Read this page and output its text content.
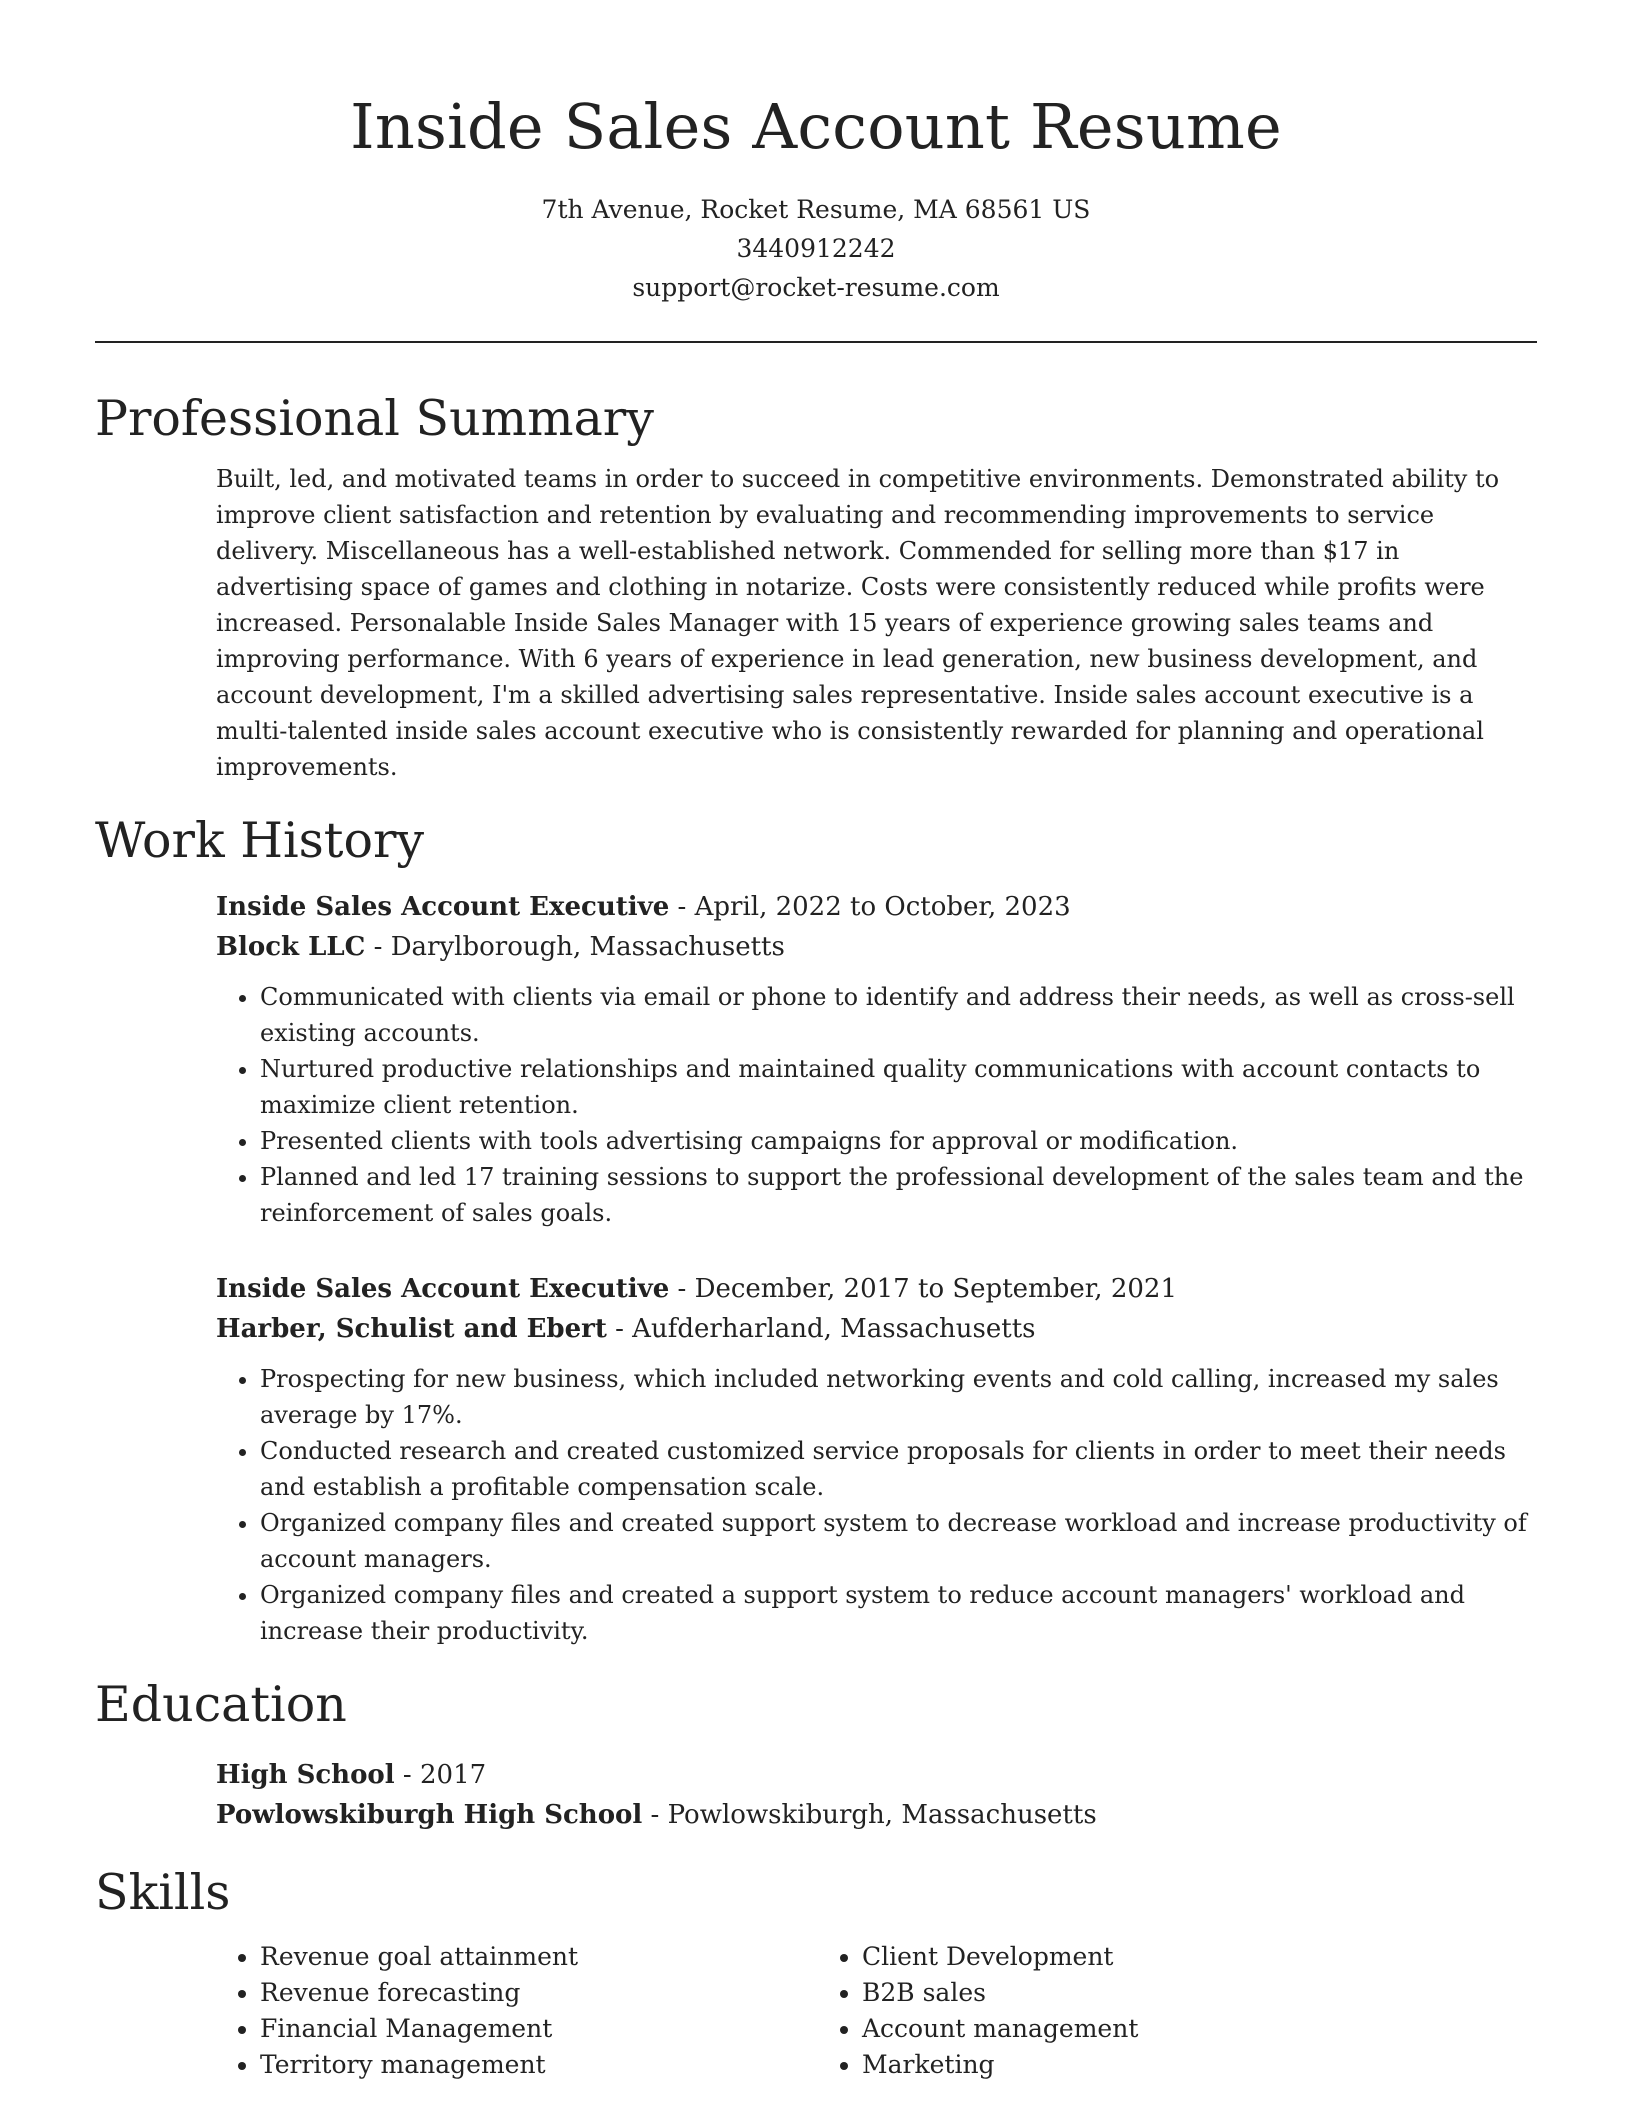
Inside Sales Account Resume
7th Avenue, Rocket Resume, MA 68561 US
3440912242
support@rocket-resume.com
Professional Summary

Built, led, and motivated teams in order to succeed in competitive environments. Demonstrated ability to improve client satisfaction and retention by evaluating and recommending improvements to service delivery. Miscellaneous has a well-established network. Commended for selling more than $17 in advertising space of games and clothing in notarize. Costs were consistently reduced while profits were increased. Personalable Inside Sales Manager with 15 years of experience growing sales teams and improving performance. With 6 years of experience in lead generation, new business development, and account development, I'm a skilled advertising sales representative. Inside sales account executive is a multi-talented inside sales account executive who is consistently rewarded for planning and operational improvements.

Work History
Inside Sales Account Executive - April, 2022 to October, 2023
Block LLC - Darylborough, Massachusetts
• Communicated with clients via email or phone to identify and address their needs, as well as cross-sell existing accounts.
• Nurtured productive relationships and maintained quality communications with account contacts to maximize client retention.
• Presented clients with tools advertising campaigns for approval or modification.
• Planned and led 17 training sessions to support the professional development of the sales team and the reinforcement of sales goals.
Inside Sales Account Executive - December, 2017 to September, 2021
Harber, Schulist and Ebert - Aufderharland, Massachusetts
• Prospecting for new business, which included networking events and cold calling, increased my sales average by 17%.
• Conducted research and created customized service proposals for clients in order to meet their needs and establish a profitable compensation scale.
• Organized company files and created support system to decrease workload and increase productivity of account managers.
• Organized company files and created a support system to reduce account managers' workload and increase their productivity.
Education
High School - 2017
Powlowskiburgh High School - Powlowskiburgh, Massachusetts
Skills
• Revenue goal attainment
• Revenue forecasting
• Financial Management
• Territory management
• Client Development
• B2B sales
• Account management
• Marketing
